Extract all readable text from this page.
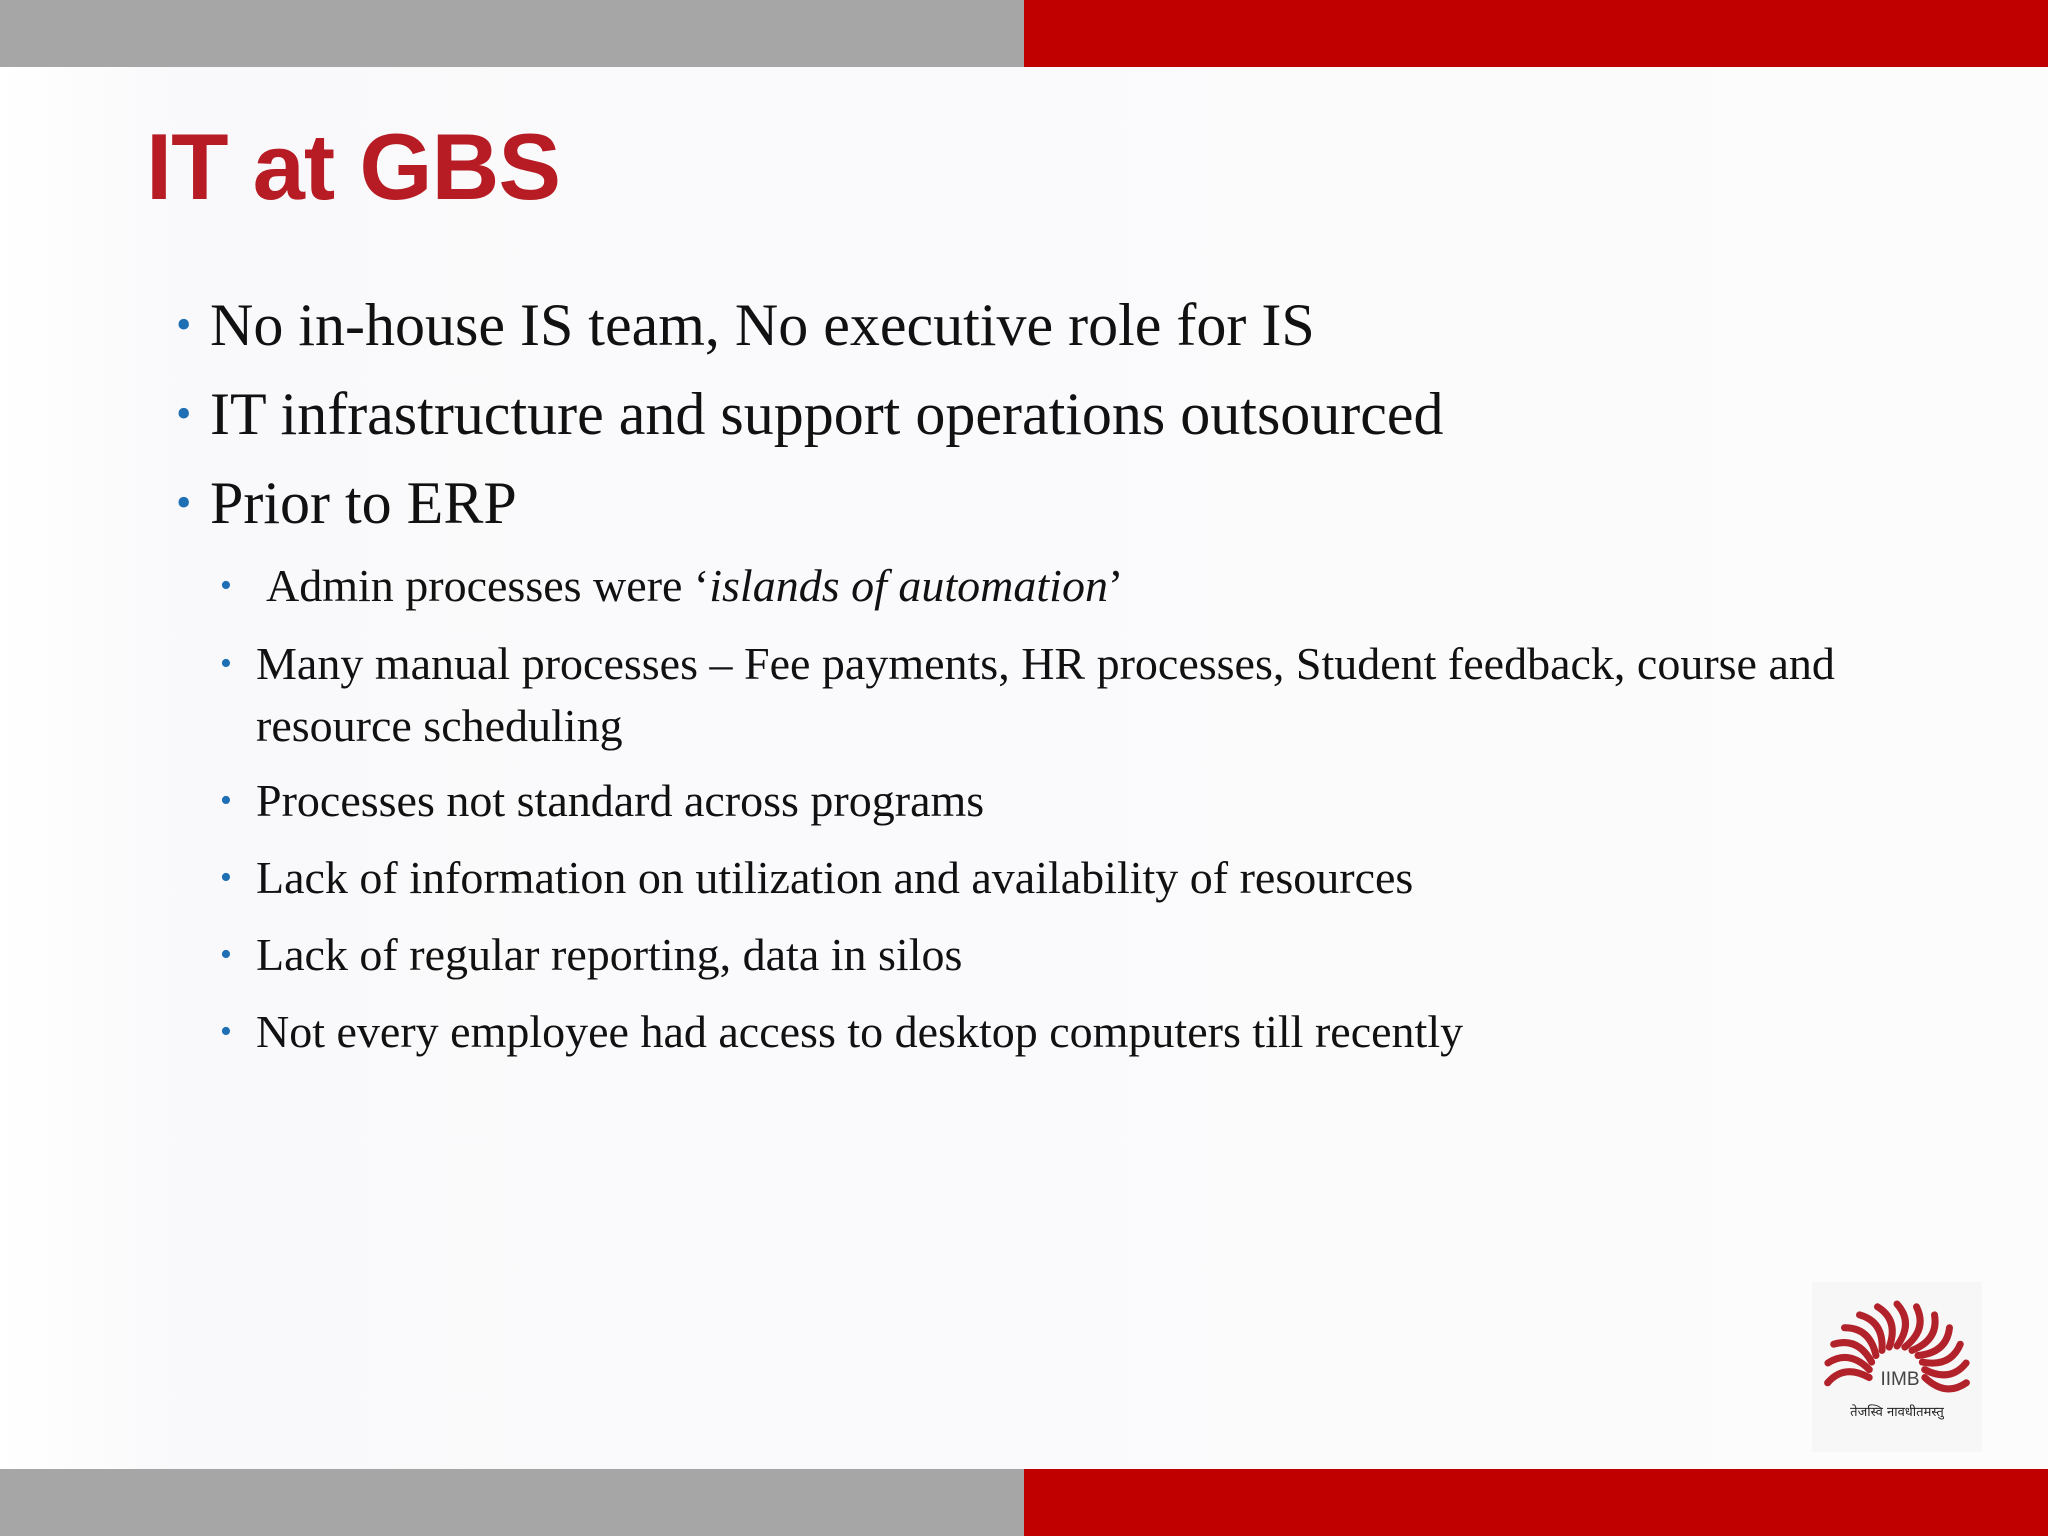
IT at GBS
• No in-house IS team, No executive role for IS
• IT infrastructure and support operations outsourced
• Prior to ERP
• Admin processes were ‘islands of automation’
• Many manual processes – Fee payments, HR processes, Student feedback, course and resource scheduling
• Processes not standard across programs
• Lack of information on utilization and availability of resources
• Lack of regular reporting, data in silos
• Not every employee had access to desktop computers till recently
IIMB
तेजस्वि नावधीतमस्तु
